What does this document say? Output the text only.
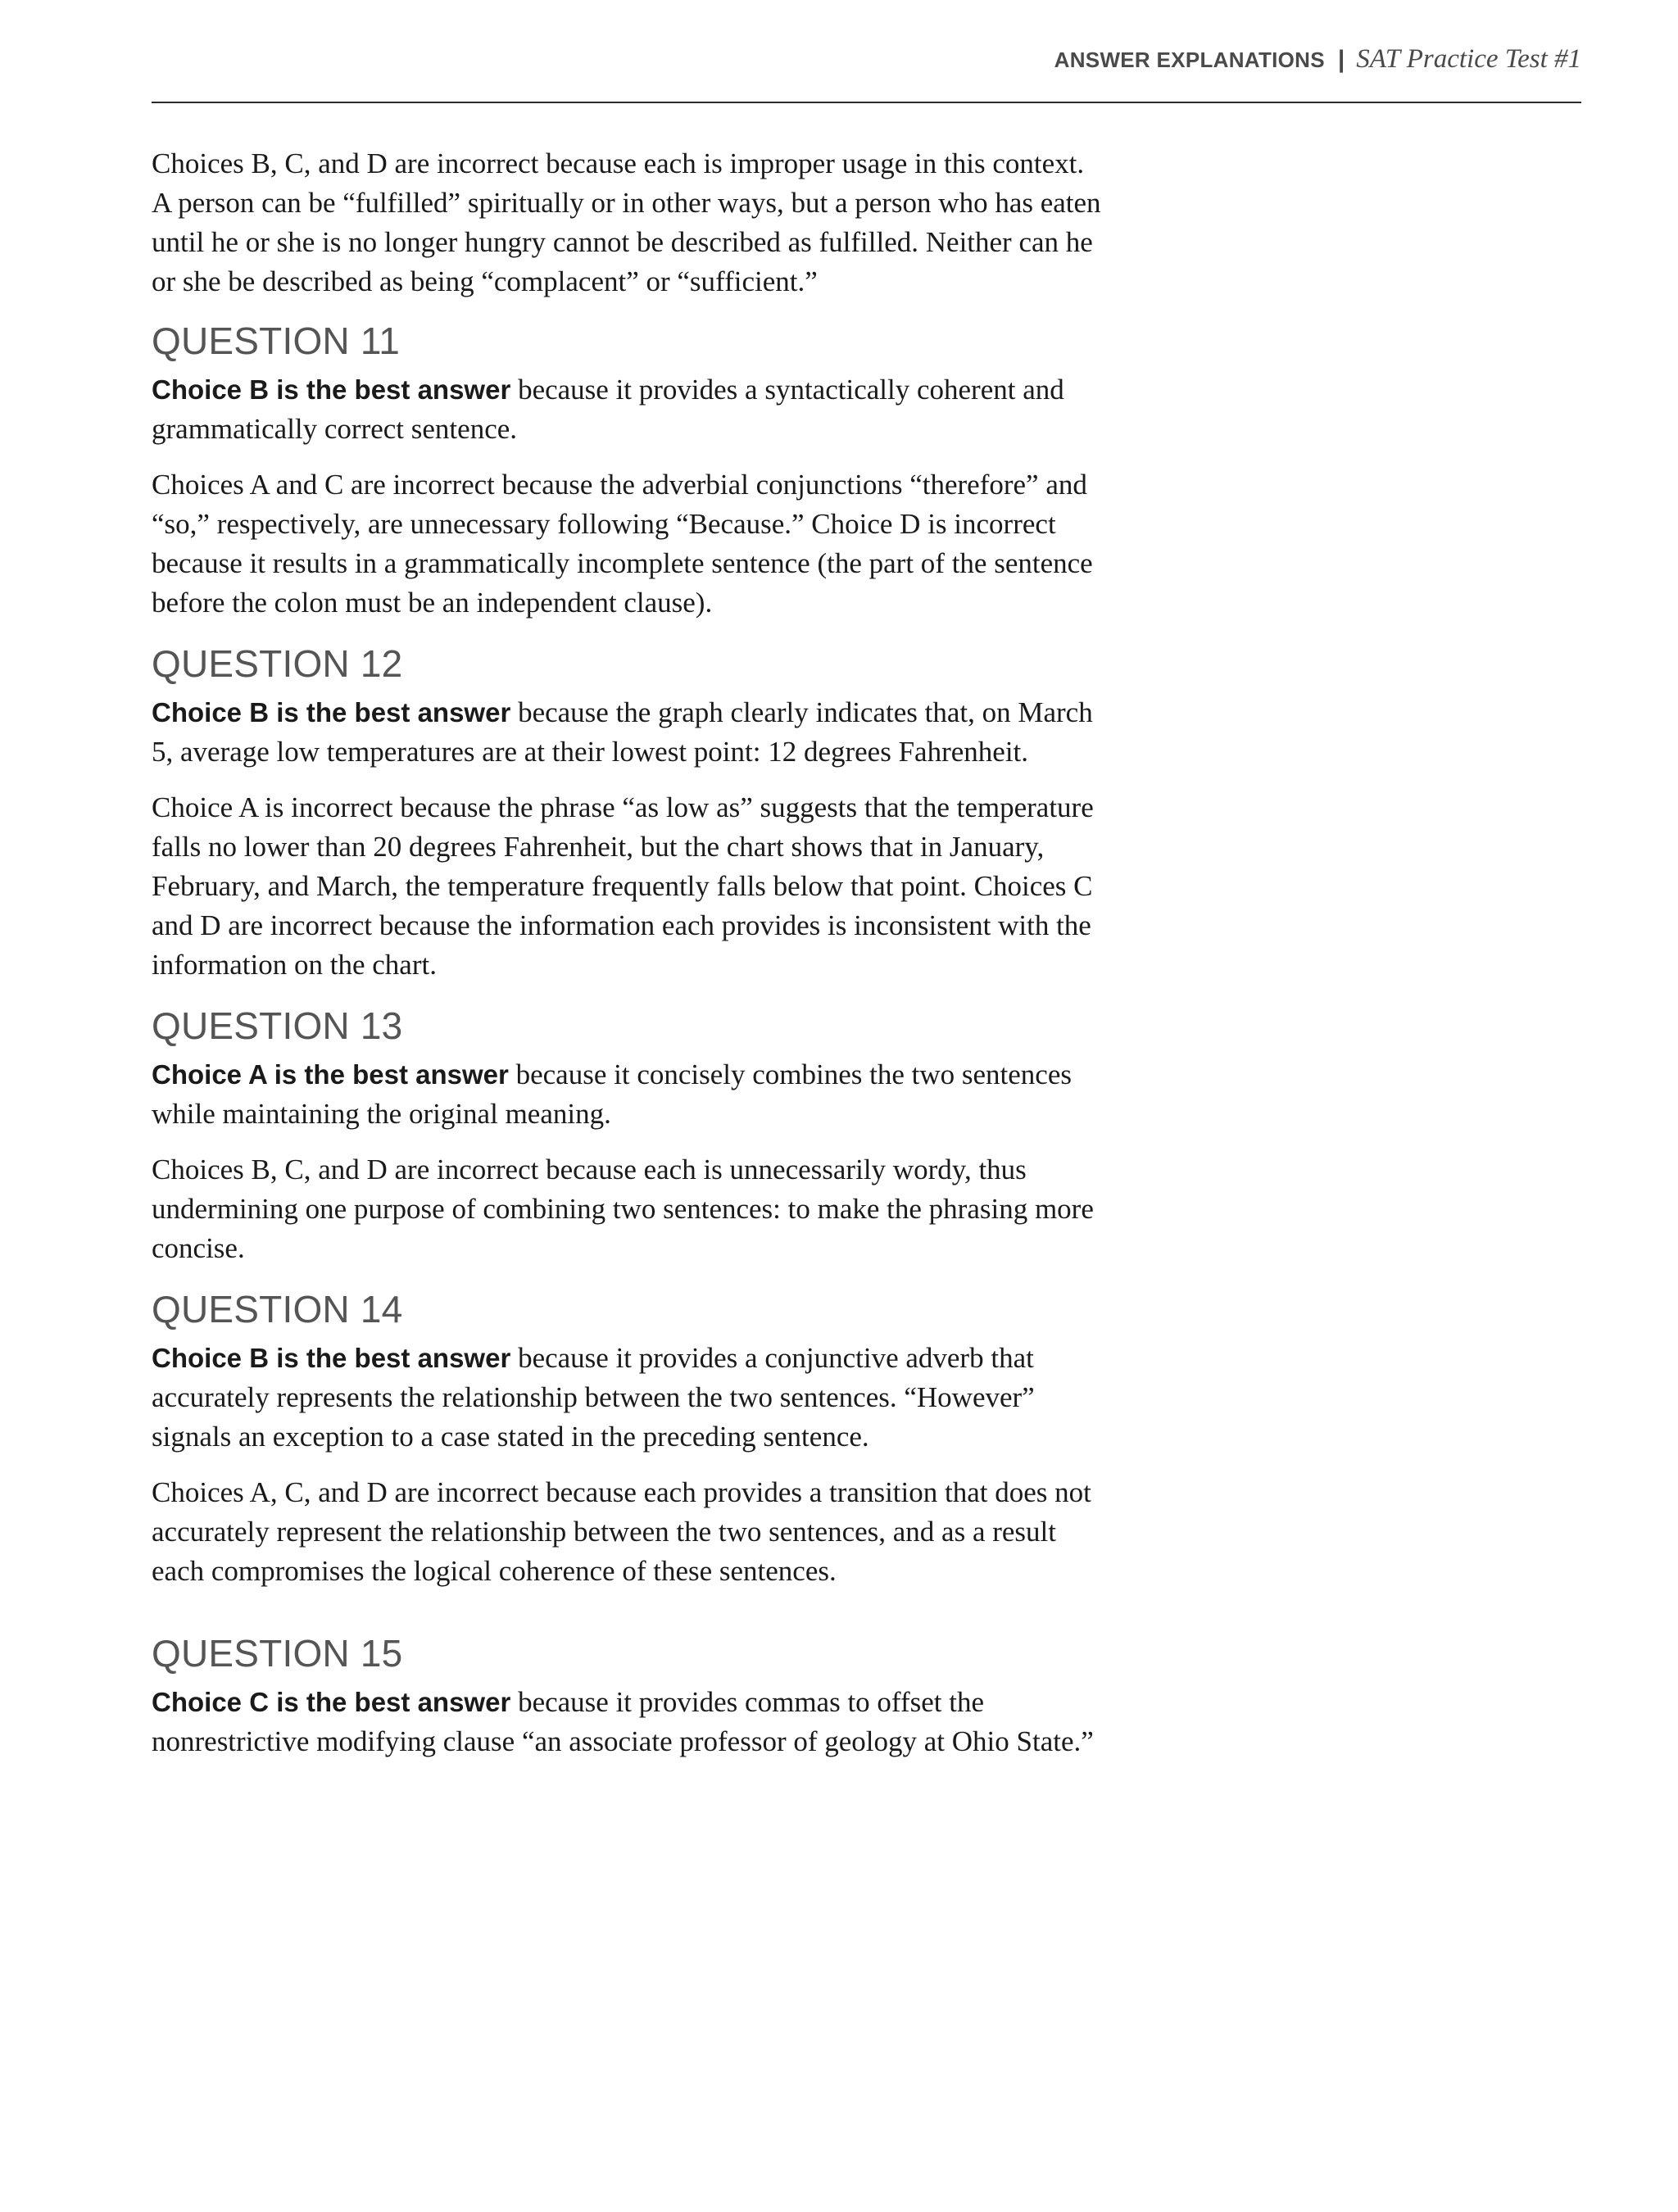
ANSWER EXPLANATIONS | SAT Practice Test #1

Choices B, C, and D are incorrect because each is improper usage in this context. A person can be “fulfilled” spiritually or in other ways, but a person who has eaten until he or she is no longer hungry cannot be described as fulfilled. Neither can he or she be described as being “complacent” or “sufficient.”

QUESTION 11

Choice B is the best answer because it provides a syntactically coherent and grammatically correct sentence.

Choices A and C are incorrect because the adverbial conjunctions “therefore” and “so,” respectively, are unnecessary following “Because.” Choice D is incorrect because it results in a grammatically incomplete sentence (the part of the sentence before the colon must be an independent clause).

QUESTION 12

Choice B is the best answer because the graph clearly indicates that, on March 5, average low temperatures are at their lowest point: 12 degrees Fahrenheit.

Choice A is incorrect because the phrase “as low as” suggests that the temperature falls no lower than 20 degrees Fahrenheit, but the chart shows that in January, February, and March, the temperature frequently falls below that point. Choices C and D are incorrect because the information each provides is inconsistent with the information on the chart.

QUESTION 13

Choice A is the best answer because it concisely combines the two sentences while maintaining the original meaning.

Choices B, C, and D are incorrect because each is unnecessarily wordy, thus undermining one purpose of combining two sentences: to make the phrasing more concise.

QUESTION 14

Choice B is the best answer because it provides a conjunctive adverb that accurately represents the relationship between the two sentences. “However” signals an exception to a case stated in the preceding sentence.

Choices A, C, and D are incorrect because each provides a transition that does not accurately represent the relationship between the two sentences, and as a result each compromises the logical coherence of these sentences.

QUESTION 15

Choice C is the best answer because it provides commas to offset the nonrestrictive modifying clause “an associate professor of geology at Ohio State.”
